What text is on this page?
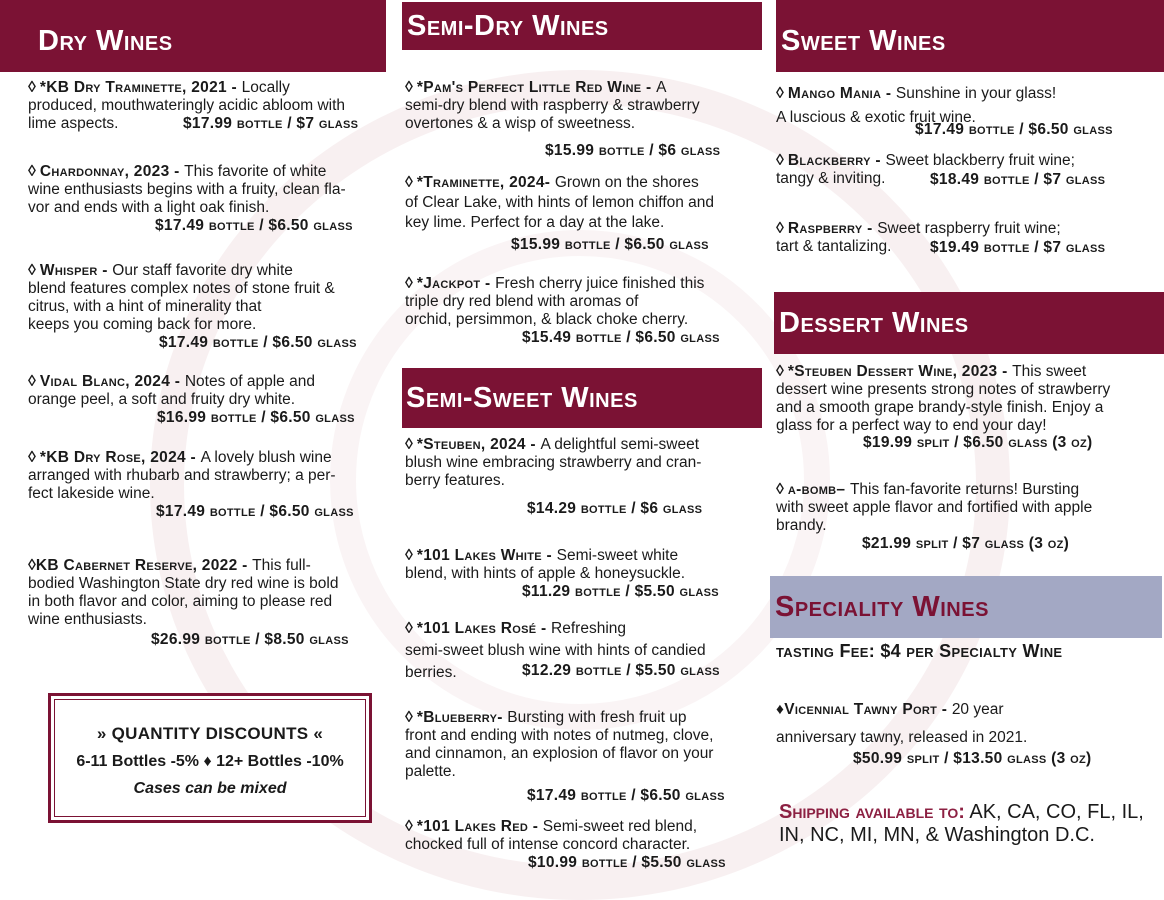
Dry Wines	Semi-Dry Wines	Sweet Wines
Semi-Sweet Wines
Dessert Wines
Speciality Wines
◊ *KB Dry Traminette, 2021 - Locally
produced, mouthwateringly acidic abloom with
lime aspects.	$17.99 bottle / $7 glass
◊ Chardonnay, 2023 - This favorite of white
wine enthusiasts begins with a fruity, clean fla-
vor and ends with a light oak finish.
$17.49 bottle / $6.50 glass
◊ Whisper - Our staff favorite dry white
blend features complex notes of stone fruit &
citrus, with a hint of minerality that
keeps you coming back for more.
$17.49 bottle / $6.50 glass
◊ Vidal Blanc, 2024 - Notes of apple and
orange peel, a soft and fruity dry white.
$16.99 bottle / $6.50 glass
◊ *KB Dry Rose, 2024 - A lovely blush wine
arranged with rhubarb and strawberry; a per-
fect lakeside wine.
$17.49 bottle / $6.50 glass
◊KB Cabernet Reserve, 2022 - This full-
bodied Washington State dry red wine is bold
in both flavor and color, aiming to please red
wine enthusiasts.
$26.99 bottle / $8.50 glass
◊ *Pam's Perfect Little Red Wine - A
semi-dry blend with raspberry & strawberry
overtones & a wisp of sweetness.
$15.99 bottle / $6 glass
◊ *Traminette, 2024- Grown on the shores
of Clear Lake, with hints of lemon chiffon and
key lime. Perfect for a day at the lake.
$15.99 bottle / $6.50 glass
◊ *Jackpot - Fresh cherry juice finished this
triple dry red blend with aromas of
orchid, persimmon, & black choke cherry.
$15.49 bottle / $6.50 glass
◊ *Steuben, 2024 - A delightful semi-sweet
blush wine embracing strawberry and cran-
berry features.
$14.29 bottle / $6 glass
◊ *101 Lakes White - Semi-sweet white
blend, with hints of apple & honeysuckle.
$11.29 bottle / $5.50 glass
◊ *101 Lakes Rosé - Refreshing
semi-sweet blush wine with hints of candied
berries.	$12.29 bottle / $5.50 glass
◊ *Blueberry- Bursting with fresh fruit up
front and ending with notes of nutmeg, clove,
and cinnamon, an explosion of flavor on your
palette.
$17.49 bottle / $6.50 glass
◊ *101 Lakes Red - Semi-sweet red blend,
chocked full of intense concord character.
$10.99 bottle / $5.50 glass
◊ Mango Mania - Sunshine in your glass!
A luscious & exotic fruit wine.
$17.49 bottle / $6.50 glass
◊ Blackberry - Sweet blackberry fruit wine;
tangy & inviting.	$18.49 bottle / $7 glass
◊ Raspberry - Sweet raspberry fruit wine;
tart & tantalizing.	$19.49 bottle / $7 glass
◊ *Steuben Dessert Wine, 2023 - This sweet
dessert wine presents strong notes of strawberry
and a smooth grape brandy-style finish. Enjoy a
glass for a perfect way to end your day!
$19.99 split / $6.50 glass (3 oz)
◊ a-bomb– This fan-favorite returns! Bursting
with sweet apple flavor and fortified with apple
brandy.
$21.99 split / $7 glass (3 oz)
♦Vicennial Tawny Port - 20 year
anniversary tawny, released in 2021.
$50.99 split / $13.50 glass (3 oz)
» QUANTITY DISCOUNTS «
6-11 Bottles -5% ♦ 12+ Bottles -10%
Cases can be mixed
tasting Fee: $4 per Specialty Wine
Shipping available to: AK, CA, CO, FL, IL, IN, NC, MI, MN, & Washington D.C.
